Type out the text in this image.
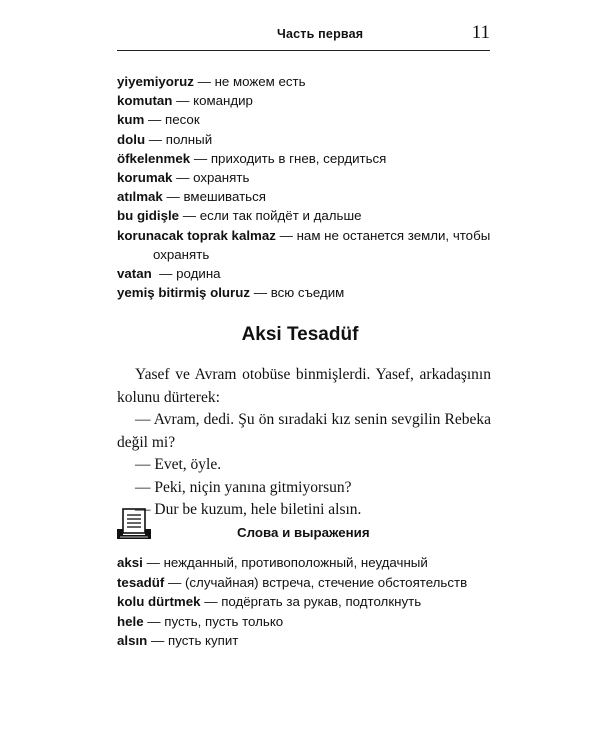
Часть первая	11
yiyemiyoruz — не можем есть
komutan — командир
kum — песок
dolu — полный
öfkelenmek — приходить в гнев, сердиться
korumak — охранять
atılmak — вмешиваться
bu gidişle — если так пойдёт и дальше
korunacak toprak kalmaz — нам не останется земли, чтобы
охранять
vatan  — родина
yemiş bitirmiş oluruz — всю съедим
Aksi Tesadüf

Yasef ve Avram otobüse binmişlerdi. Yasef, arkadaşının kolunu dürterek:

— Avram, dedi. Şu ön sıradaki kız senin sevgilin Rebeka değil mi?

— Evet, öyle.

— Peki, niçin yanına gitmiyorsun?

— Dur be kuzum, hele biletini alsın.

Слова и выражения
aksi — нежданный, противоположный, неудачный
tesadüf — (случайная) встреча, стечение обстоятельств
kolu dürtmek — подёргать за рукав, подтолкнуть
hele — пусть, пусть только
alsın — пусть купит
